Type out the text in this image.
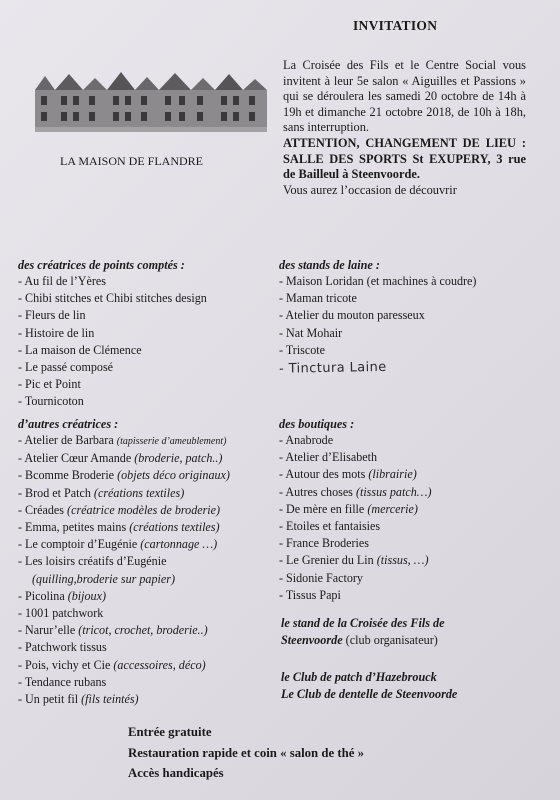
INVITATION
LA MAISON DE FLANDRE
La Croisée des Fils et le Centre Social vous invitent à leur 5e salon « Aiguilles et Passions » qui se déroulera les samedi 20 octobre de 14h à 19h et dimanche 21 octobre 2018, de 10h à 18h, sans interruption.
ATTENTION, CHANGEMENT DE LIEU : SALLE DES SPORTS St EXUPERY, 3 rue de Bailleul à Steenvoorde.
Vous aurez l’occasion de découvrir
des créatrices de points comptés :
- Au fil de l’Yères
- Chibi stitches et Chibi stitches design
- Fleurs de lin
- Histoire de lin
- La maison de Clémence
- Le passé composé
- Pic et Point
- Tournicoton
des stands de laine :
- Maison Loridan (et machines à coudre)
- Maman tricote
- Atelier du mouton paresseux
- Nat Mohair
- Triscote
- Tinctura Laine
d’autres créatrices :
- Atelier de Barbara (tapisserie d’ameublement)
- Atelier Cœur Amande (broderie, patch..)
- Bcomme Broderie (objets déco originaux)
- Brod et Patch (créations textiles)
- Créades (créatrice modèles de broderie)
- Emma, petites mains (créations textiles)
- Le comptoir d’Eugénie (cartonnage …)
- Les loisirs créatifs d’Eugénie
(quilling,broderie sur papier)
- Picolina (bijoux)
- 1001 patchwork
- Narur’elle (tricot, crochet, broderie..)
- Patchwork tissus
- Pois, vichy et Cie (accessoires, déco)
- Tendance rubans
- Un petit fil (fils teintés)
des boutiques :
- Anabrode
- Atelier d’Elisabeth
- Autour des mots (librairie)
- Autres choses (tissus patch…)
- De mère en fille (mercerie)
- Etoiles et fantaisies
- France Broderies
- Le Grenier du Lin (tissus, …)
- Sidonie Factory
- Tissus Papi
le stand de la Croisée des Fils de
Steenvoorde (club organisateur)
le Club de patch d’Hazebrouck
Le Club de dentelle de Steenvoorde
Entrée gratuite
Restauration rapide et coin « salon de thé »
Accès handicapés
